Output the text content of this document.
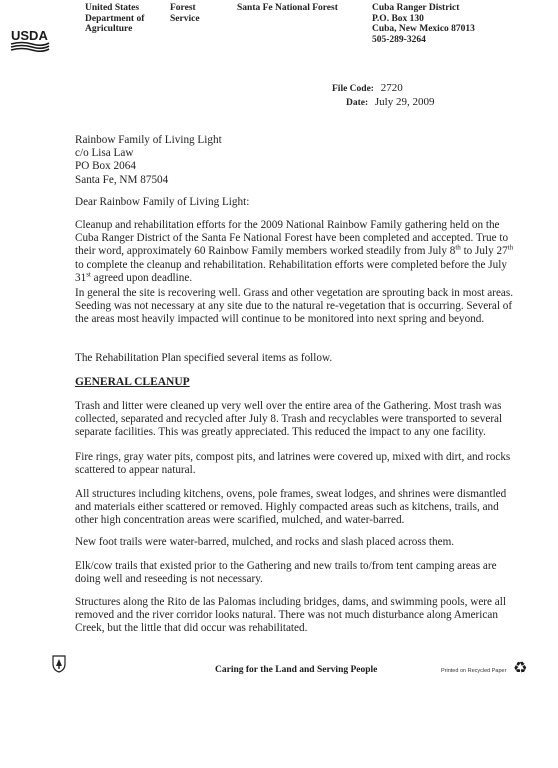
USDA
United States
Department of
Agriculture
Forest
Service
Santa Fe National Forest	Cuba Ranger District
P.O. Box 130
Cuba, New Mexico 87013
505-289-3264
File Code: 2720
Date: July 29, 2009
Rainbow Family of Living Light
c/o Lisa Law
PO Box 2064
Santa Fe, NM 87504

Dear Rainbow Family of Living Light:

Cleanup and rehabilitation efforts for the 2009 National Rainbow Family gathering held on the Cuba Ranger District of the Santa Fe National Forest have been completed and accepted. True to their word, approximately 60 Rainbow Family members worked steadily from July 8th to July 27th to complete the cleanup and rehabilitation. Rehabilitation efforts were completed before the July 31st agreed upon deadline.

In general the site is recovering well. Grass and other vegetation are sprouting back in most areas. Seeding was not necessary at any site due to the natural re-vegetation that is occurring. Several of the areas most heavily impacted will continue to be monitored into next spring and beyond.

The Rehabilitation Plan specified several items as follow.

GENERAL CLEANUP

Trash and litter were cleaned up very well over the entire area of the Gathering. Most trash was collected, separated and recycled after July 8. Trash and recyclables were transported to several separate facilities. This was greatly appreciated. This reduced the impact to any one facility.

Fire rings, gray water pits, compost pits, and latrines were covered up, mixed with dirt, and rocks scattered to appear natural.

All structures including kitchens, ovens, pole frames, sweat lodges, and shrines were dismantled and materials either scattered or removed. Highly compacted areas such as kitchens, trails, and other high concentration areas were scarified, mulched, and water-barred.

New foot trails were water-barred, mulched, and rocks and slash placed across them.

Elk/cow trails that existed prior to the Gathering and new trails to/from tent camping areas are doing well and reseeding is not necessary.

Structures along the Rito de las Palomas including bridges, dams, and swimming pools, were all removed and the river corridor looks natural. There was not much disturbance along American Creek, but the little that did occur was rehabilitated.

Caring for the Land and Serving People	Printed on Recycled Paper ♻
